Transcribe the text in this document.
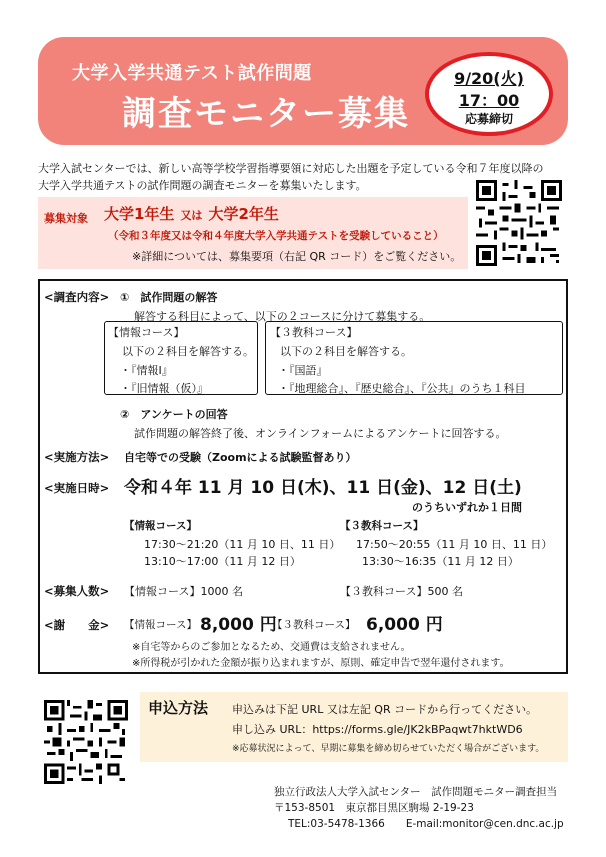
大学入学共通テスト試作問題
調査モニター募集
9/20(火)
17：00
応募締切
大学入試センターでは、新しい高等学校学習指導要領に対応した出題を予定している令和７年度以降の
大学入学共通テストの試作問題の調査モニターを募集いたします。
募集対象 大学1年生 又は 大学2年生
（令和３年度又は令和４年度大学入学共通テストを受験していること）
※詳細については、募集要項（右記 QR コード）をご覧ください。
<調査内容> ①　試作問題の解答
解答する科目によって、以下の２コースに分けて募集する。
【情報コース】
以下の２科目を解答する。
・『情報Ⅰ』
・『旧情報（仮）』
【３教科コース】
以下の２科目を解答する。
・『国語』
・『地理総合』、『歴史総合』、『公共』のうち１科目
②　アンケートの回答
試作問題の解答終了後、オンラインフォームによるアンケートに回答する。
<実施方法> 自宅等での受験（Zoomによる試験監督あり）
<実施日時> 令和４年 11 月 10 日(木)、11 日(金)、12 日(土)
のうちいずれか１日間
【情報コース】
17:30～21:20（11 月 10 日、11 日）
13:10～17:00（11 月 12 日）
【３教科コース】
17:50～20:55（11 月 10 日、11 日）
13:30～16:35（11 月 12 日）
<募集人数> 【情報コース】1000 名	【３教科コース】500 名
<謝　　金> 【情報コース】 8,000 円
【３教科コース】 6,000 円
※自宅等からのご参加となるため、交通費は支給されません。
※所得税が引かれた金額が振り込まれますが、原則、確定申告で翌年還付されます。
申込方法 申込みは下記 URL 又は左記 QR コードから行ってください。
申し込み URL：https://forms.gle/JK2kBPaqwt7hktWD6
※応募状況によって、早期に募集を締め切らせていただく場合がございます。
独立行政法人大学入試センター　試作問題モニター調査担当
〒153-8501　東京都目黒区駒場 2-19-23
TEL:03-5478-1366　　E-mail:monitor@cen.dnc.ac.jp
